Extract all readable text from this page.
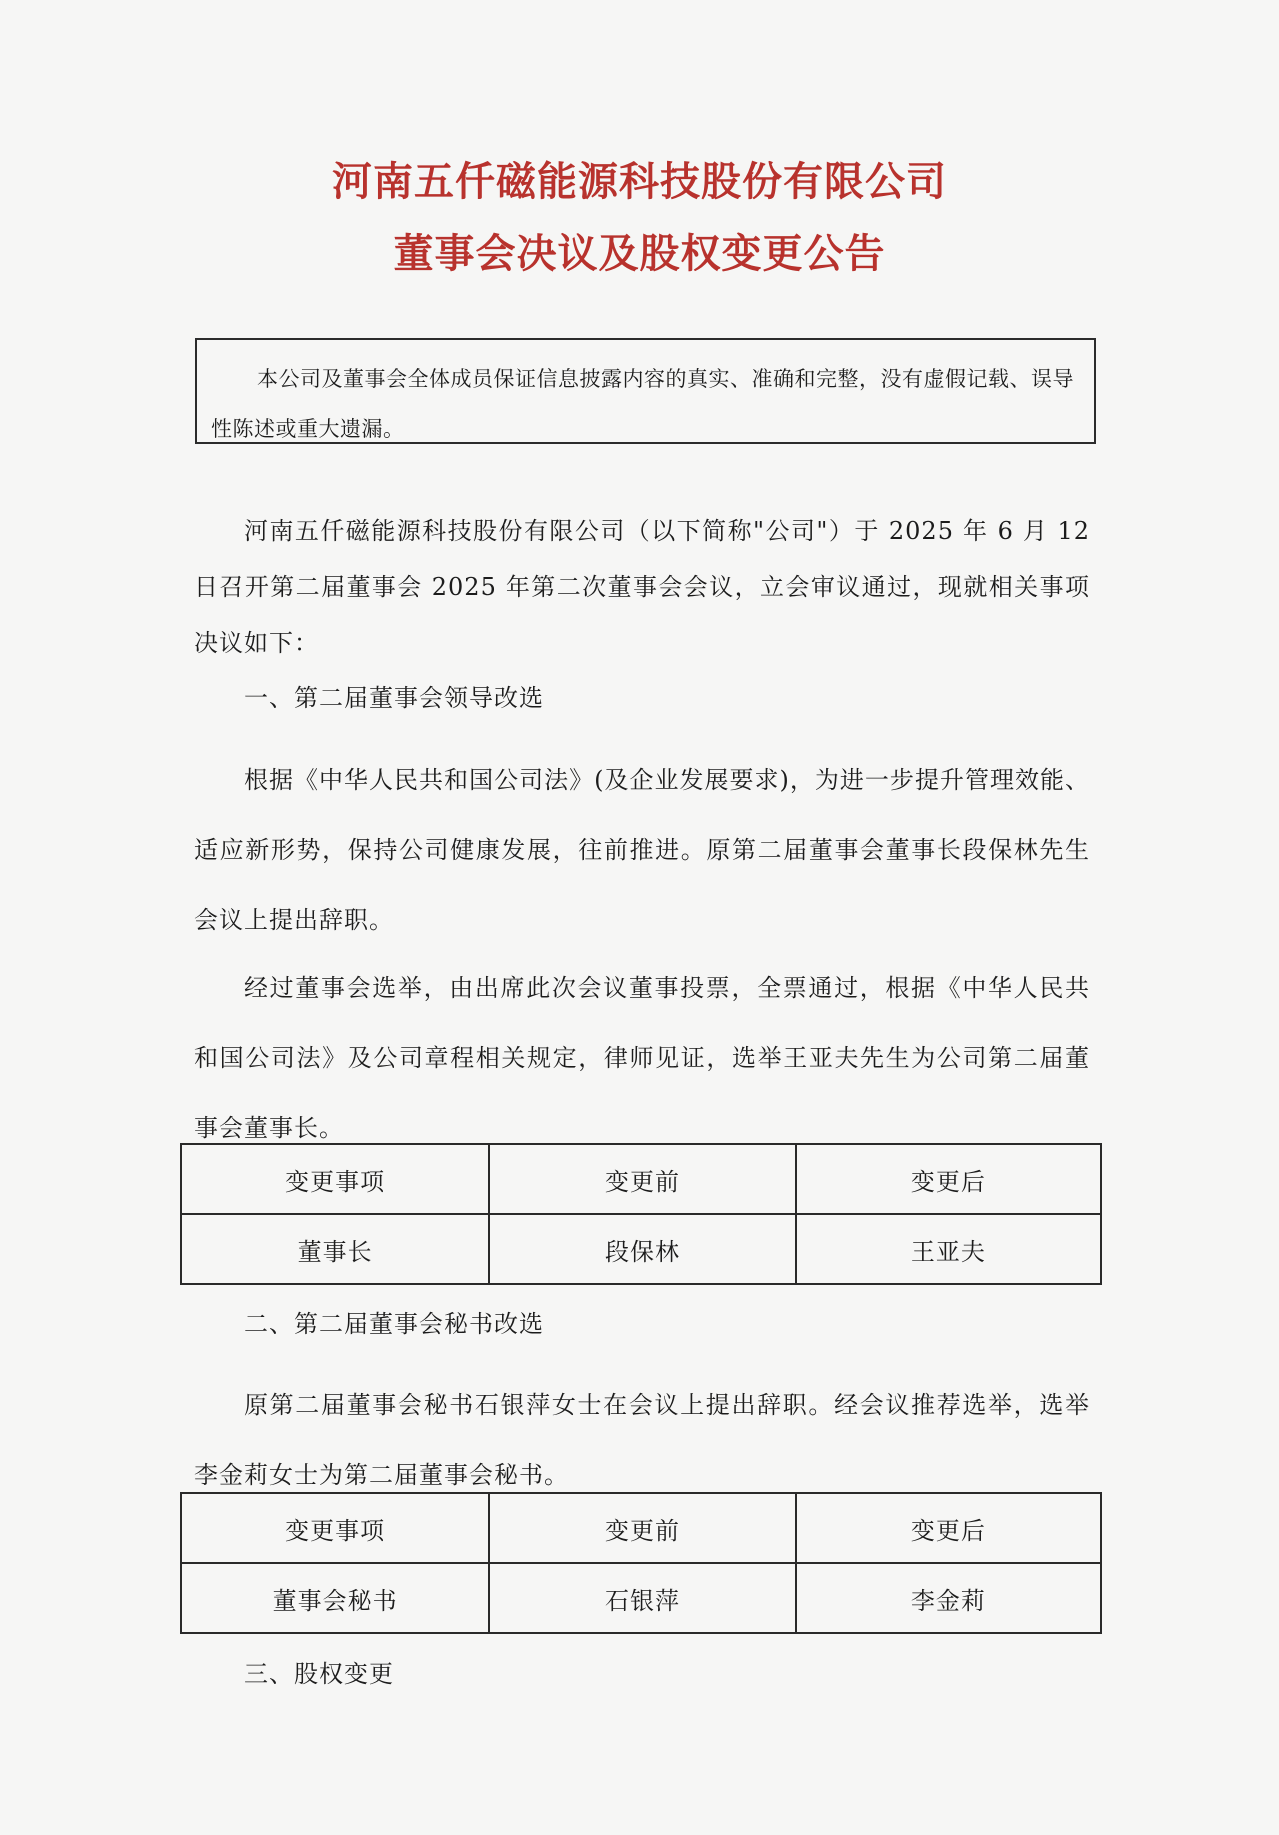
河南五仟磁能源科技股份有限公司
董事会决议及股权变更公告
本公司及董事会全体成员保证信息披露内容的真实、准确和完整，没有虚假记载、误导性陈述或重大遗漏。
河南五仟磁能源科技股份有限公司（以下简称"公司"）于 2025 年 6 月 12 日召开第二届董事会 2025 年第二次董事会会议，立会审议通过，现就相关事项决议如下：
一、第二届董事会领导改选
根据《中华人民共和国公司法》(及企业发展要求)，为进一步提升管理效能、适应新形势，保持公司健康发展，往前推进。原第二届董事会董事长段保林先生会议上提出辞职。
经过董事会选举，由出席此次会议董事投票，全票通过，根据《中华人民共和国公司法》及公司章程相关规定，律师见证，选举王亚夫先生为公司第二届董事会董事长。
变更事项	变更前	变更后
董事长	段保林	王亚夫
二、第二届董事会秘书改选
原第二届董事会秘书石银萍女士在会议上提出辞职。经会议推荐选举，选举李金莉女士为第二届董事会秘书。
变更事项	变更前	变更后
董事会秘书	石银萍	李金莉
三、股权变更
